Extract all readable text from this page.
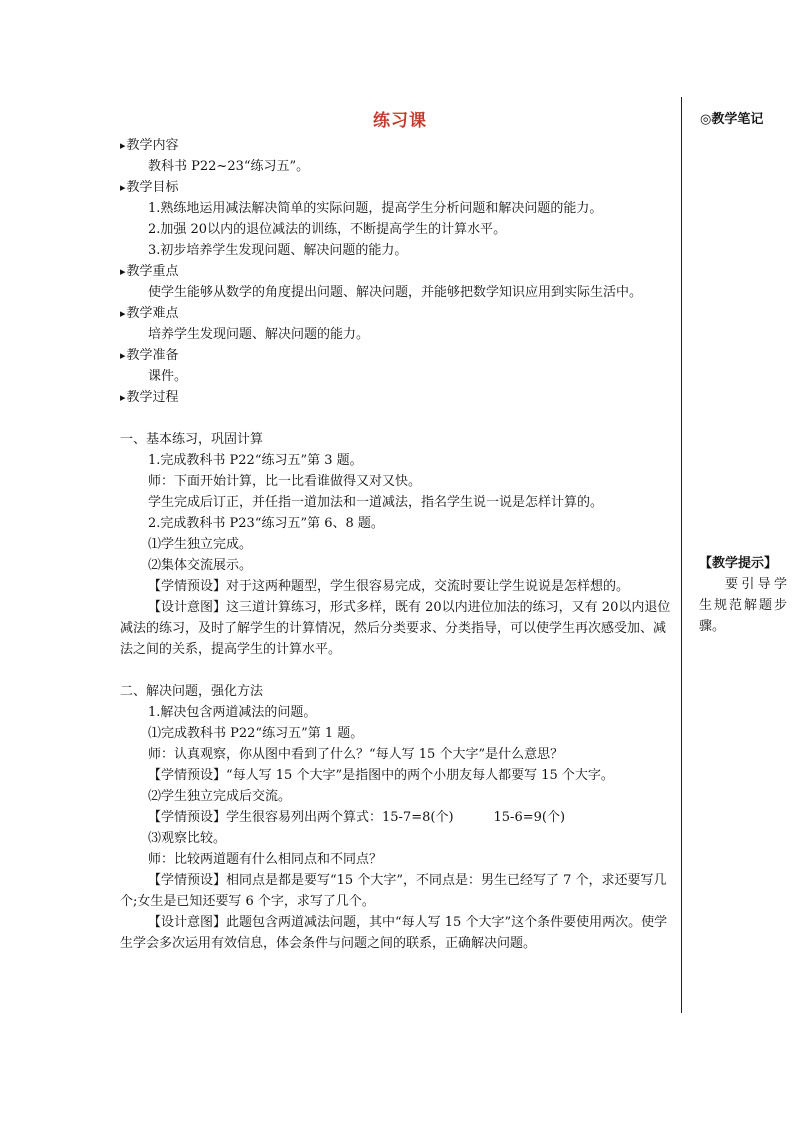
练习课	◎教学笔记
【教学提示】
要引导学生规范解题步骤。
▸ 教学内容
教科书 P22~23“练习五”。
▸ 教学目标
1.熟练地运用减法解决简单的实际问题，提高学生分析问题和解决问题的能力。
2.加强 20以内的退位减法的训练，不断提高学生的计算水平。
3.初步培养学生发现问题、解决问题的能力。
▸ 教学重点
使学生能够从数学的角度提出问题、解决问题，并能够把数学知识应用到实际生活中。
▸ 教学难点
培养学生发现问题、解决问题的能力。
▸ 教学准备
课件。
▸ 教学过程
一、基本练习，巩固计算
1.完成教科书 P22“练习五”第 3 题。
师：下面开始计算，比一比看谁做得又对又快。
学生完成后订正，并任指一道加法和一道减法，指名学生说一说是怎样计算的。
2.完成教科书 P23“练习五”第 6、8 题。
⑴学生独立完成。
⑵集体交流展示。
【学情预设】对于这两种题型，学生很容易完成，交流时要让学生说说是怎样想的。
【设计意图】这三道计算练习，形式多样，既有 20以内进位加法的练习，又有 20以内退位减法的练习，及时了解学生的计算情况，然后分类要求、分类指导，可以使学生再次感受加、减法之间的关系，提高学生的计算水平。
二、解决问题，强化方法
1.解决包含两道减法的问题。
⑴完成教科书 P22“练习五”第 1 题。
师：认真观察，你从图中看到了什么？“每人写 15 个大字”是什么意思？
【学情预设】“每人写 15 个大字”是指图中的两个小朋友每人都要写 15 个大字。
⑵学生独立完成后交流。
【学情预设】学生很容易列出两个算式：15-7=8(个)	15-6=9(个)
⑶观察比较。
师：比较两道题有什么相同点和不同点？
【学情预设】相同点是都是要写“15 个大字”，不同点是：男生已经写了 7 个，求还要写几个;女生是已知还要写 6 个字，求写了几个。
【设计意图】此题包含两道减法问题，其中“每人写 15 个大字”这个条件要使用两次。使学生学会多次运用有效信息，体会条件与问题之间的联系，正确解决问题。
